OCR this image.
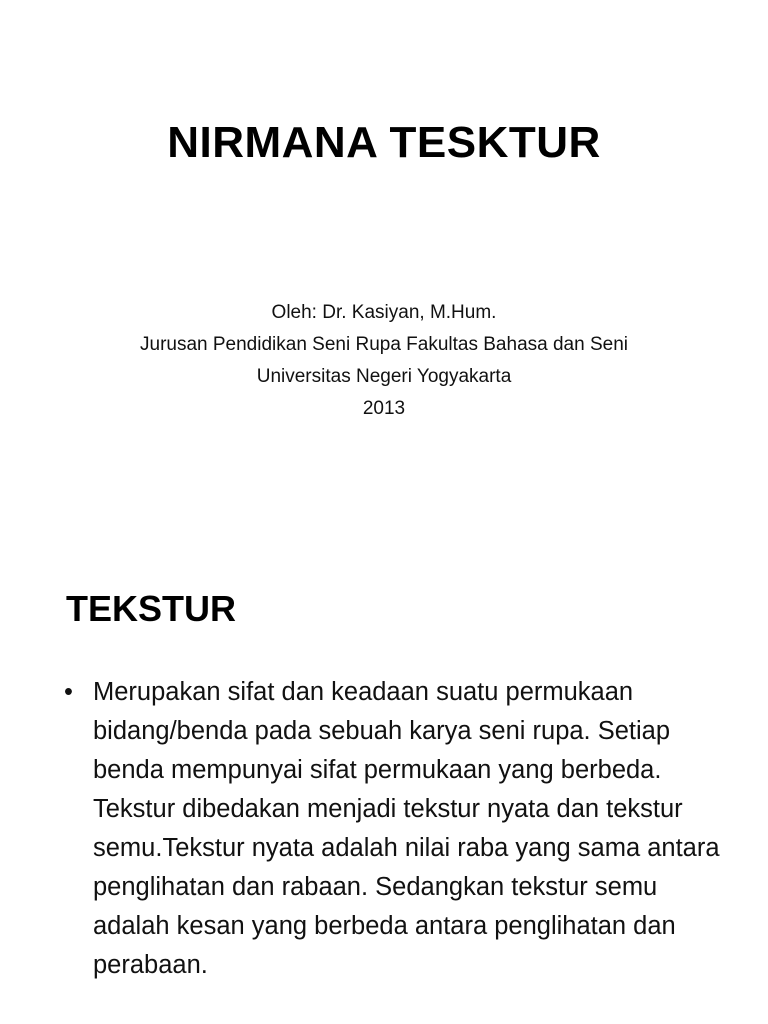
NIRMANA TESKTUR
Oleh: Dr. Kasiyan, M.Hum.
Jurusan Pendidikan Seni Rupa Fakultas Bahasa dan Seni
Universitas Negeri Yogyakarta
2013
TEKSTUR
• Merupakan sifat dan keadaan suatu permukaan bidang/benda pada sebuah karya seni rupa. Setiap benda mempunyai sifat permukaan yang berbeda. Tekstur dibedakan menjadi tekstur nyata dan tekstur semu.Tekstur nyata adalah nilai raba yang sama antara penglihatan dan rabaan. Sedangkan tekstur semu adalah kesan yang berbeda antara penglihatan dan perabaan.
